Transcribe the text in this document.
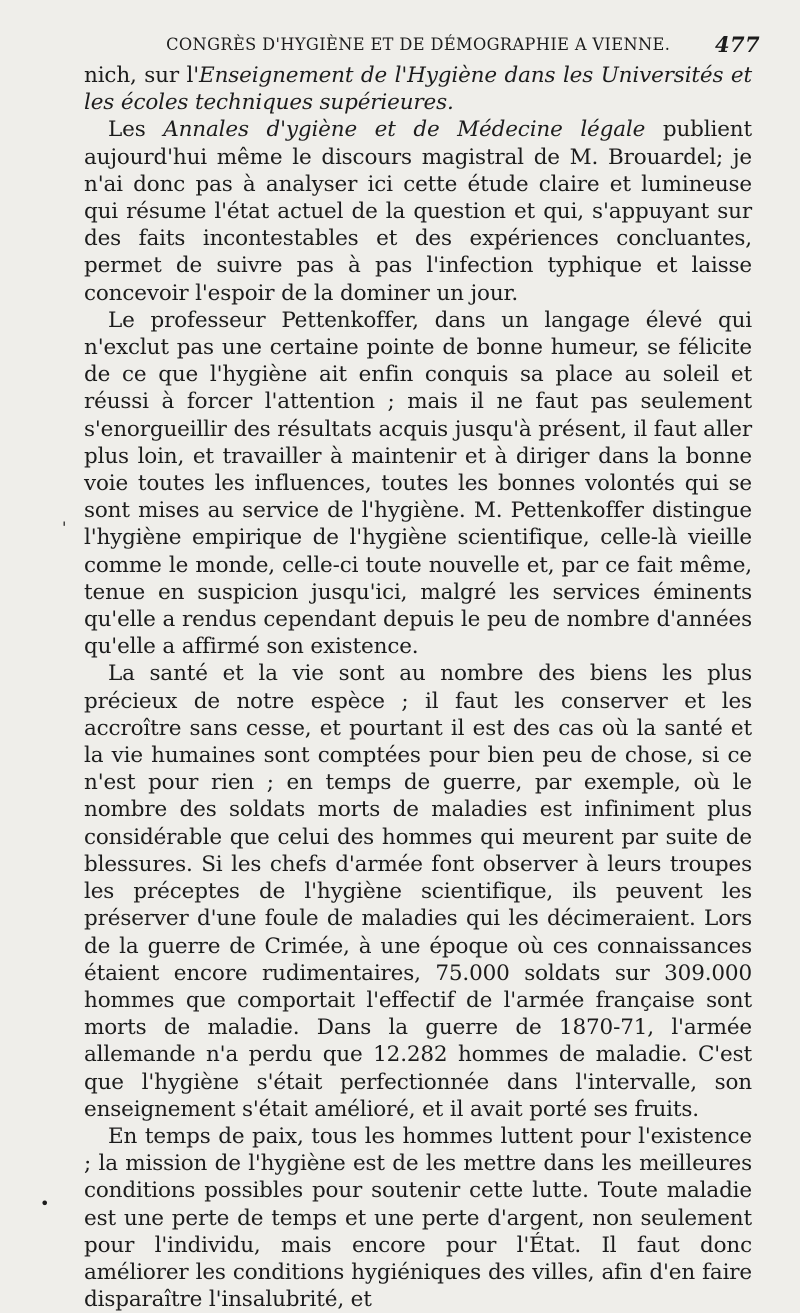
CONGRÈS D'HYGIÈNE ET DE DÉMOGRAPHIE A VIENNE. 477

nich, sur l'Enseignement de l'Hygiène dans les Universités et les écoles techniques supérieures.

Les Annales d'ygiène et de Médecine légale publient aujourd'hui même le discours magistral de M. Brouardel; je n'ai donc pas à analyser ici cette étude claire et lumineuse qui résume l'état actuel de la question et qui, s'appuyant sur des faits incontestables et des expériences concluantes, permet de suivre pas à pas l'infection typhique et laisse concevoir l'espoir de la dominer un jour.

Le professeur Pettenkoffer, dans un langage élevé qui n'exclut pas une certaine pointe de bonne humeur, se félicite de ce que l'hygiène ait enfin conquis sa place au soleil et réussi à forcer l'attention ; mais il ne faut pas seulement s'enorgueillir des résultats acquis jusqu'à présent, il faut aller plus loin, et travailler à maintenir et à diriger dans la bonne voie toutes les influences, toutes les bonnes volontés qui se sont mises au service de l'hygiène. M. Pettenkoffer distingue l'hygiène empirique de l'hygiène scientifique, celle-là vieille comme le monde, celle-ci toute nouvelle et, par ce fait même, tenue en suspicion jusqu'ici, malgré les services éminents qu'elle a rendus cependant depuis le peu de nombre d'années qu'elle a affirmé son existence.

La santé et la vie sont au nombre des biens les plus précieux de notre espèce ; il faut les conserver et les accroître sans cesse, et pourtant il est des cas où la santé et la vie humaines sont comptées pour bien peu de chose, si ce n'est pour rien ; en temps de guerre, par exemple, où le nombre des soldats morts de maladies est infiniment plus considérable que celui des hommes qui meurent par suite de blessures. Si les chefs d'armée font observer à leurs troupes les préceptes de l'hygiène scientifique, ils peuvent les préserver d'une foule de maladies qui les décimeraient. Lors de la guerre de Crimée, à une époque où ces connaissances étaient encore rudimentaires, 75.000 soldats sur 309.000 hommes que comportait l'effectif de l'armée française sont morts de maladie. Dans la guerre de 1870-71, l'armée allemande n'a perdu que 12.282 hommes de maladie. C'est que l'hygiène s'était perfectionnée dans l'intervalle, son enseignement s'était amélioré, et il avait porté ses fruits.

En temps de paix, tous les hommes luttent pour l'existence ; la mission de l'hygiène est de les mettre dans les meilleures conditions possibles pour soutenir cette lutte. Toute maladie est une perte de temps et une perte d'argent, non seulement pour l'individu, mais encore pour l'État. Il faut donc améliorer les conditions hygiéniques des villes, afin d'en faire disparaître l'insalubrité, et

'
•
